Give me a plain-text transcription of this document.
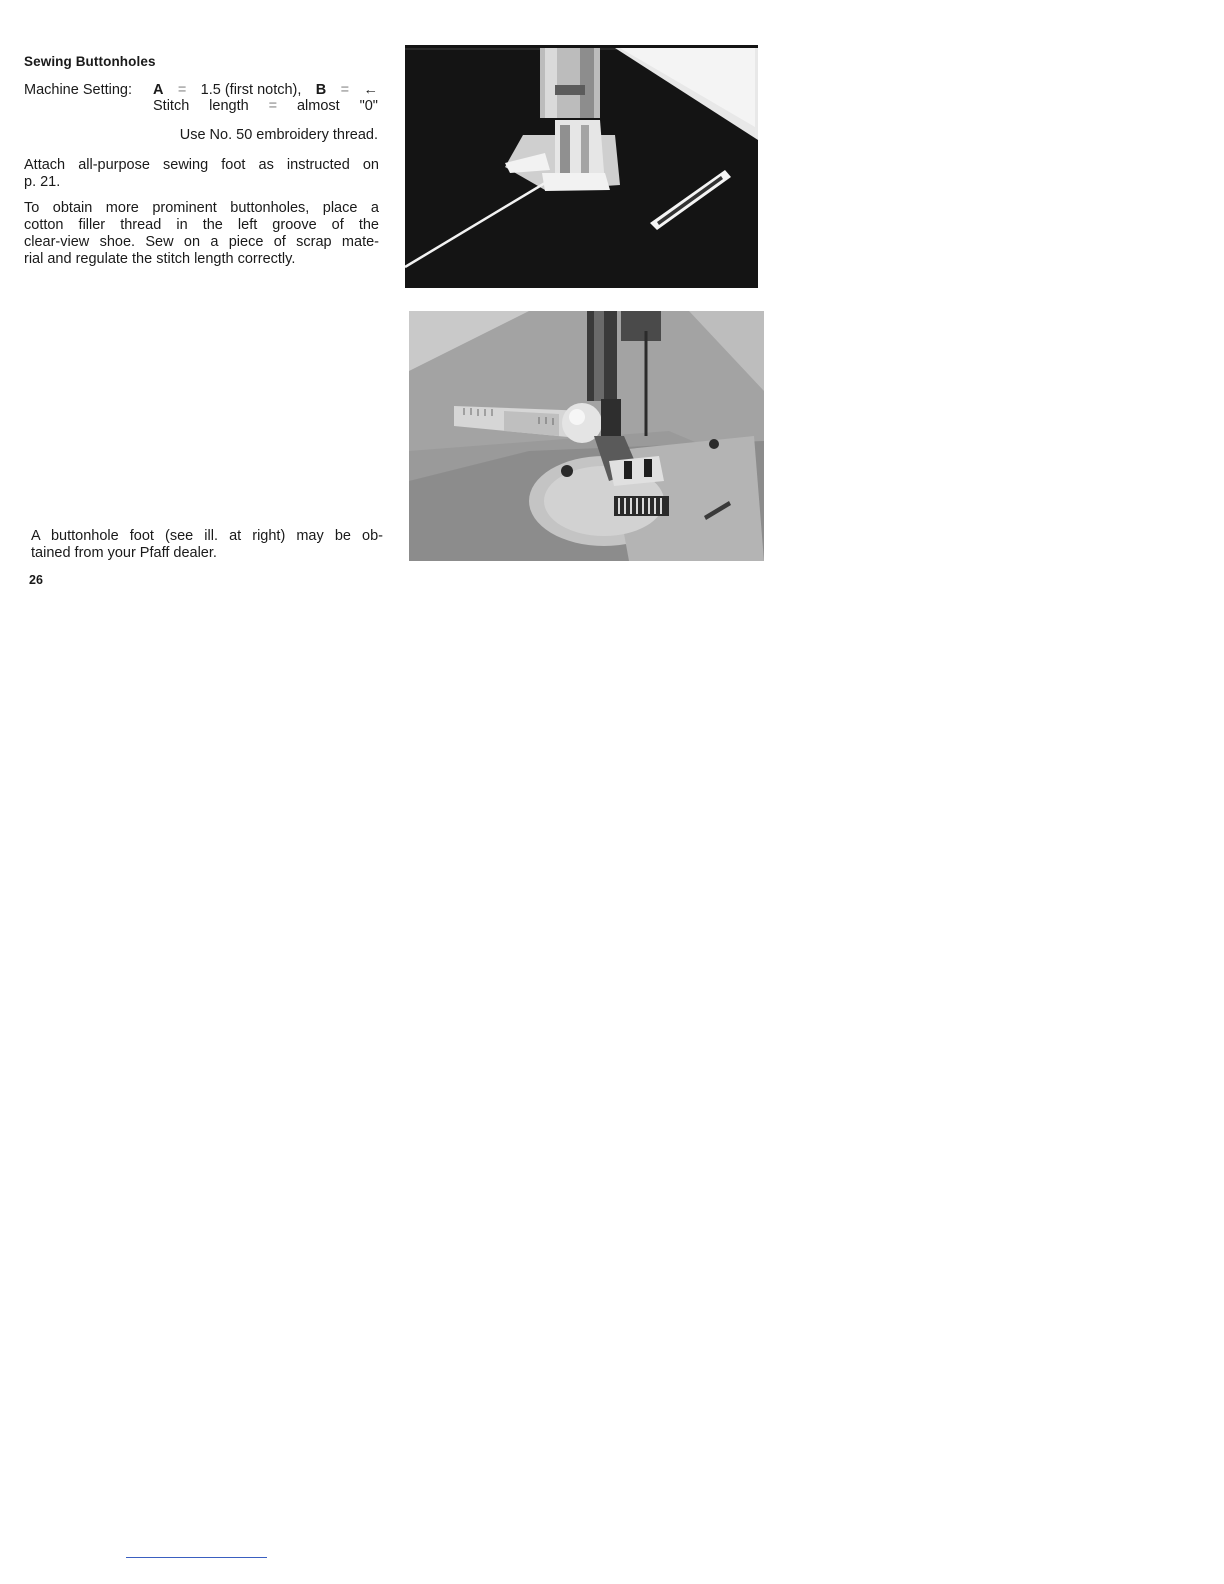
Sewing Buttonholes
Machine Setting: A = 1.5 (first notch), B = ←
Stitch length = almost "0"
Use No. 50 embroidery thread.
Attach all-purpose sewing foot as instructed on
p. 21.
To obtain more prominent buttonholes, place a
cotton filler thread in the left groove of the
clear-view shoe. Sew on a piece of scrap mate-
rial and regulate the stitch length correctly.
A buttonhole foot (see ill. at right) may be ob-
tained from your Pfaff dealer.
26
